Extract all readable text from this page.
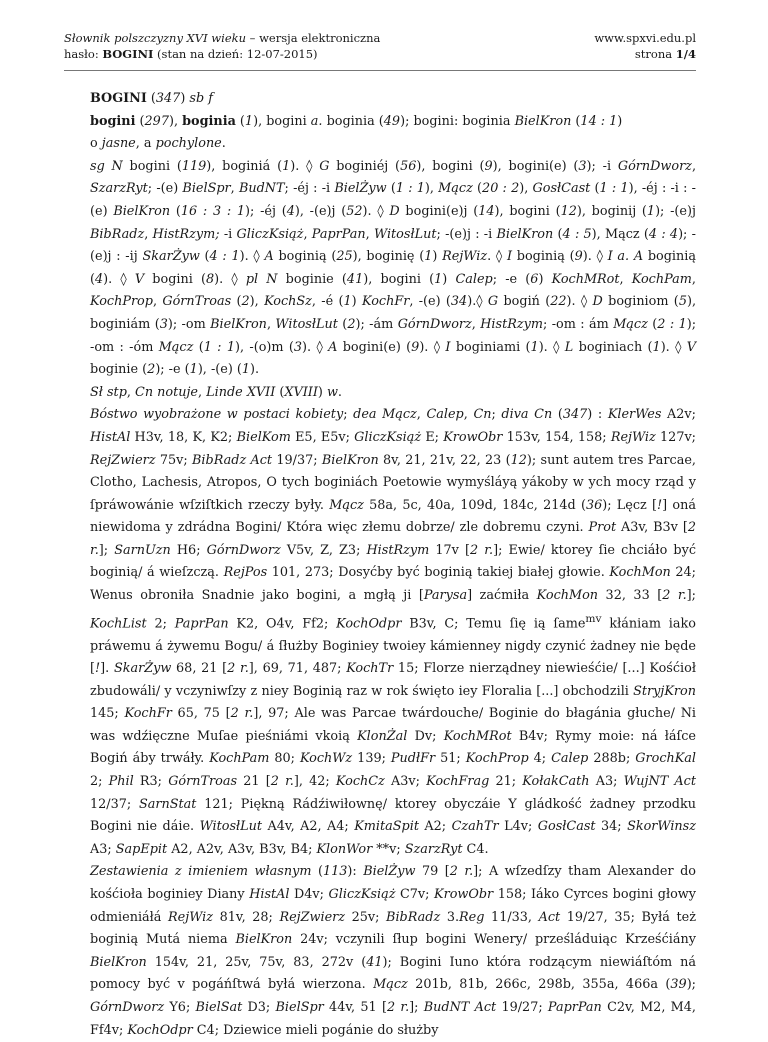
Słownik polszczyzny XVI wieku – wersja elektroniczna
hasło: BOGINI (stan na dzień: 12-07-2015)
www.spxvi.edu.pl
strona 1/4

BOGINI (347) sb f

bogini (297), boginia (1), bogini a. boginia (49); bogini: boginia BielKron (14 : 1)

o jasne, a pochylone.

sg N bogini (119), boginiá (1). ◊ G boginiéj (56), bogini (9), bogini(e) (3); -i GórnDworz, SzarzRyt; -(e) BielSpr, BudNT; -éj : -i BielŻyw (1 : 1), Mącz (20 : 2), GosłCast (1 : 1), -éj : -i : -(e) BielKron (16 : 3 : 1); -éj (4), -(e)j (52). ◊ D bogini(e)j (14), bogini (12), boginij (1); -(e)j BibRadz, HistRzym; -i GliczKsiąż, PaprPan, WitosłLut; -(e)j : -i BielKron (4 : 5), Mącz (4 : 4); -(e)j : -ij SkarŻyw (4 : 1). ◊ A boginią (25), boginię (1) RejWiz. ◊ I boginią (9). ◊ I a. A boginią (4). ◊ V bogini (8). ◊ pl N boginie (41), bogini (1) Calep; -e (6) KochMRot, KochPam, KochProp, GórnTroas (2), KochSz, -é (1) KochFr, -(e) (34).◊ G bogiń (22). ◊ D boginiom (5), boginiám (3); -om BielKron, WitosłLut (2); -ám GórnDworz, HistRzym; -om : ám Mącz (2 : 1); -om : -óm Mącz (1 : 1), -(o)m (3). ◊ A bogini(e) (9). ◊ I boginiami (1). ◊ L boginiach (1). ◊ V boginie (2); -e (1), -(e) (1).

Sł stp, Cn notuje, Linde XVII (XVIII) w.

Bóstwo wyobrażone w postaci kobiety; dea Mącz, Calep, Cn; diva Cn (347) : KlerWes A2v; HistAl H3v, 18, K, K2; BielKom E5, E5v; GliczKsiąż E; KrowObr 153v, 154, 158; RejWiz 127v; RejZwierz 75v; BibRadz Act 19/37; BielKron 8v, 21, 21v, 22, 23 (12); sunt autem tres Parcae, Clotho, Lachesis, Atropos, O tych boginiách Poetowie wymyśláyą yákoby w ych mocy rząd y ſpráwowánie wſziſtkich rzeczy były. Mącz 58a, 5c, 40a, 109d, 184c, 214d (36); Lęcz [!] oná niewidoma y zdrádna Bogini/ Która więc złemu dobrze/ zle dobremu czyni. Prot A3v, B3v [2 r.]; SarnUzn H6; GórnDworz V5v, Z, Z3; HistRzym 17v [2 r.]; Ewie/ ktorey ſie chciáło być boginią/ á wieſzczą. RejPos 101, 273; Dosyćby być boginią takiej białej głowie. KochMon 24; Wenus obroniła Snadnie jako bogini, a mgłą ji [Parysa] zaćmiła KochMon 32, 33 [2 r.]; KochList 2; PaprPan K2, O4v, Ff2; KochOdpr B3v, C; Temu ſię ią ſame$^{mv}$ kłániam iako práwemu á żywemu Bogu/ á ſłużby Boginiey twoiey kámienney nigdy czynić żadney nie będe [!]. SkarŻyw 68, 21 [2 r.], 69, 71, 487; KochTr 15; Florze nierządney niewieśćie/ [...] Kośćioł zbudowáli/ y vczyniwſzy z niey Boginią raz w rok święto iey Floralia [...] obchodzili StryjKron 145; KochFr 65, 75 [2 r.], 97; Ale was Parcae twárdouche/ Boginie do błagánia głuche/ Ni was wdźięczne Muſae pieśniámi vkoią KlonŻal Dv; KochMRot B4v; Rymy moie: ná łáſce Bogiń áby trwáły. KochPam 80; KochWz 139; PudłFr 51; KochProp 4; Calep 288b; GrochKal 2; Phil R3; GórnTroas 21 [2 r.], 42; KochCz A3v; KochFrag 21; KołakCath A3; WujNT Act 12/37; SarnStat 121; Piękną Rádźiwiłownę/ ktorey obyczáie Y gládkość żadney przodku Bogini nie dáie. WitosłLut A4v, A2, A4; KmitaSpit A2; CzahTr L4v; GosłCast 34; SkorWinsz A3; SapEpit A2, A2v, A3v, B3v, B4; KlonWor **v; SzarzRyt C4.

Zestawienia z imieniem własnym (113): BielŻyw 79 [2 r.]; A wſzedſzy tham Alexander do kośćioła boginiey Diany HistAl D4v; GliczKsiąż C7v; KrowObr 158; Iáko Cyrces bogini głowy odmieniáłá RejWiz 81v, 28; RejZwierz 25v; BibRadz 3.Reg 11/33, Act 19/27, 35; Byłá też boginią Mutá niema BielKron 24v; vczynili ſłup bogini Wenery/ prześláduiąc Krześćiány BielKron 154v, 21, 25v, 75v, 83, 272v (41); Bogini Iuno która rodzącym niewiáſtóm ná pomocy być v pogáńſtwá byłá wierzona. Mącz 201b, 81b, 266c, 298b, 355a, 466a (39); GórnDworz Y6; BielSat D3; BielSpr 44v, 51 [2 r.]; BudNT Act 19/27; PaprPan C2v, M2, M4, Ff4v; KochOdpr C4; Dziewice mieli pogánie do służby
